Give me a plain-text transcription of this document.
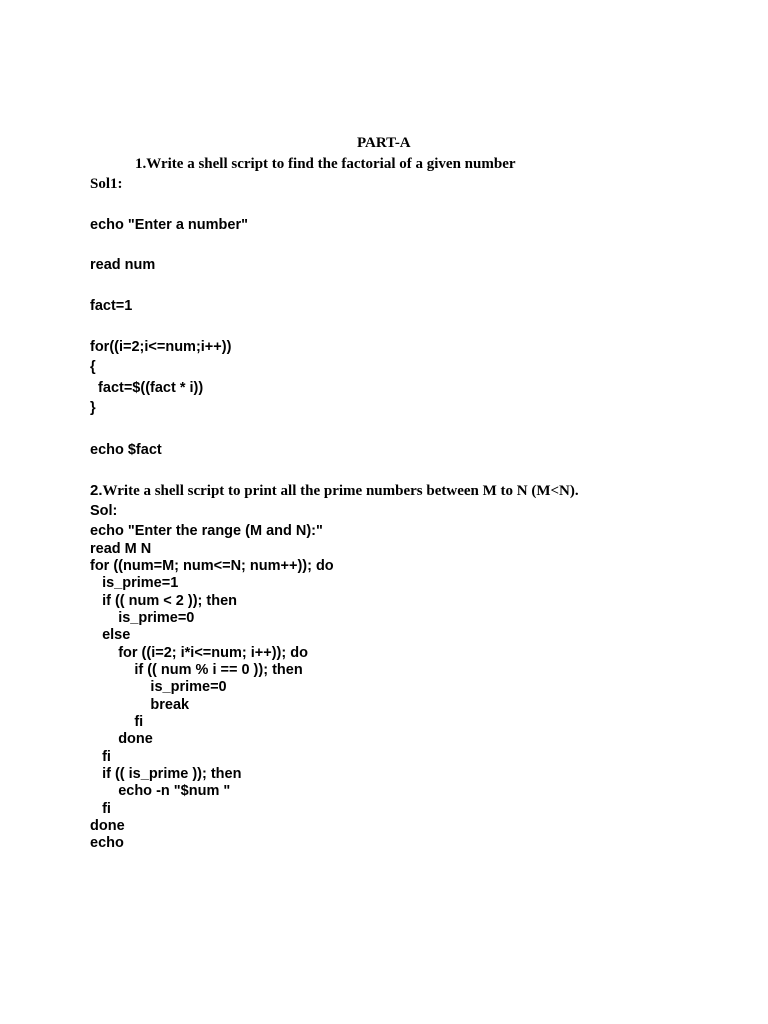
PART-A
1.Write a shell script to find the factorial of a given number
Sol1:
echo "Enter a number"
read num
fact=1
for((i=2;i<=num;i++))
{
fact=$((fact * i))
}
echo $fact
2.Write a shell script to print all the prime numbers between M to N (M<N).
Sol:
echo "Enter the range (M and N):"
read M N
for ((num=M; num<=N; num++)); do
is_prime=1
if (( num < 2 )); then
is_prime=0
else
for ((i=2; i*i<=num; i++)); do
if (( num % i == 0 )); then
is_prime=0
break
fi
done
fi
if (( is_prime )); then
echo -n "$num "
fi
done
echo
